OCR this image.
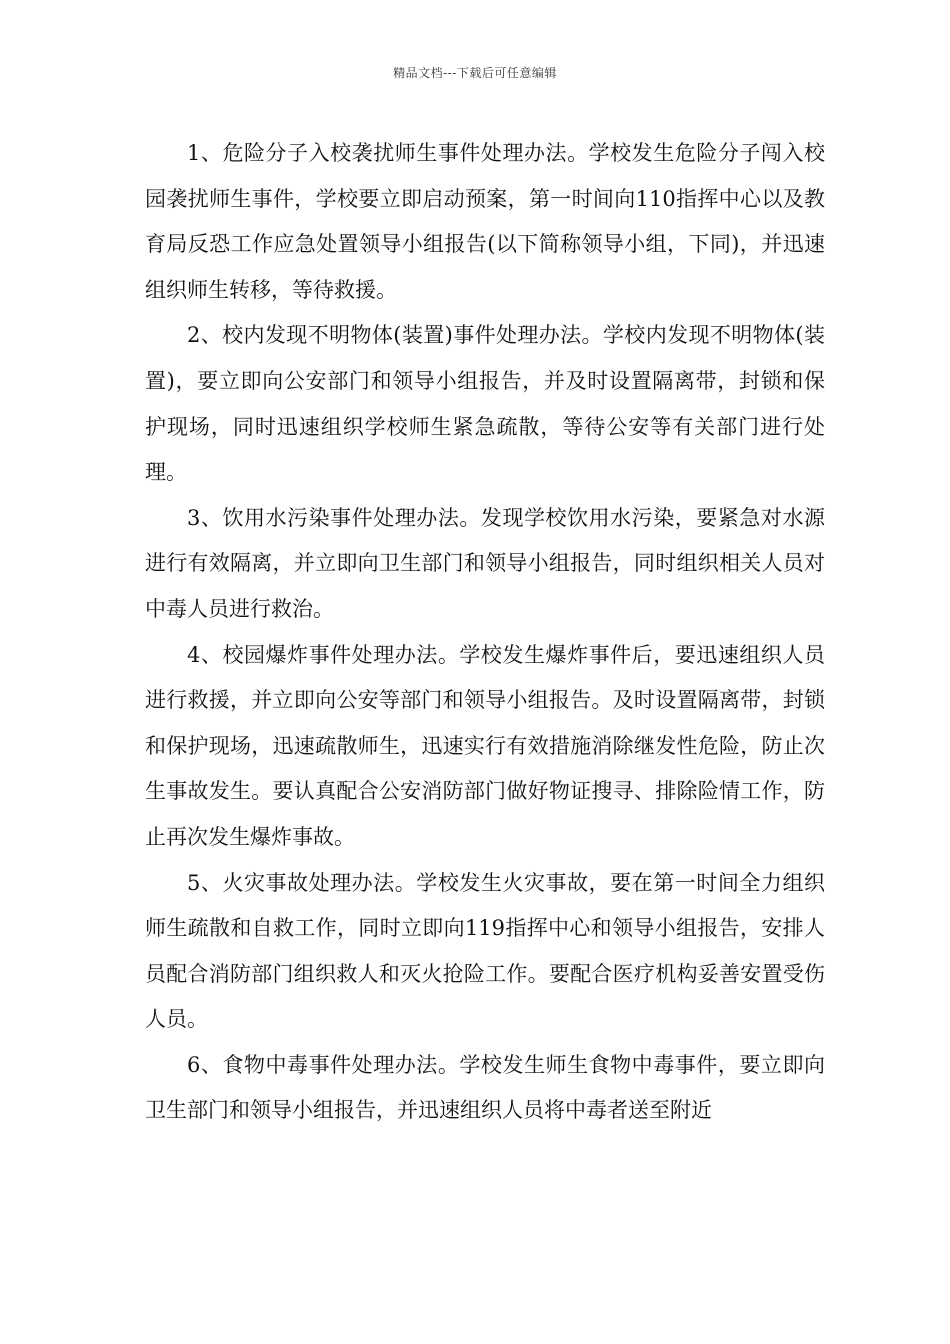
精品文档---下载后可任意编辑

1、危险分子入校袭扰师生事件处理办法。学校发生危险分子闯入校园袭扰师生事件，学校要立即启动预案，第一时间向110指挥中心以及教育局反恐工作应急处置领导小组报告(以下简称领导小组，下同)，并迅速组织师生转移，等待救援。

2、校内发现不明物体(装置)事件处理办法。学校内发现不明物体(装置)，要立即向公安部门和领导小组报告，并及时设置隔离带，封锁和保护现场，同时迅速组织学校师生紧急疏散，等待公安等有关部门进行处理。

3、饮用水污染事件处理办法。发现学校饮用水污染，要紧急对水源进行有效隔离，并立即向卫生部门和领导小组报告，同时组织相关人员对中毒人员进行救治。

4、校园爆炸事件处理办法。学校发生爆炸事件后，要迅速组织人员进行救援，并立即向公安等部门和领导小组报告。及时设置隔离带，封锁和保护现场，迅速疏散师生，迅速实行有效措施消除继发性危险，防止次生事故发生。要认真配合公安消防部门做好物证搜寻、排除险情工作，防止再次发生爆炸事故。

5、火灾事故处理办法。学校发生火灾事故，要在第一时间全力组织师生疏散和自救工作，同时立即向119指挥中心和领导小组报告，安排人员配合消防部门组织救人和灭火抢险工作。要配合医疗机构妥善安置受伤人员。

6、食物中毒事件处理办法。学校发生师生食物中毒事件，要立即向卫生部门和领导小组报告，并迅速组织人员将中毒者送至附近
